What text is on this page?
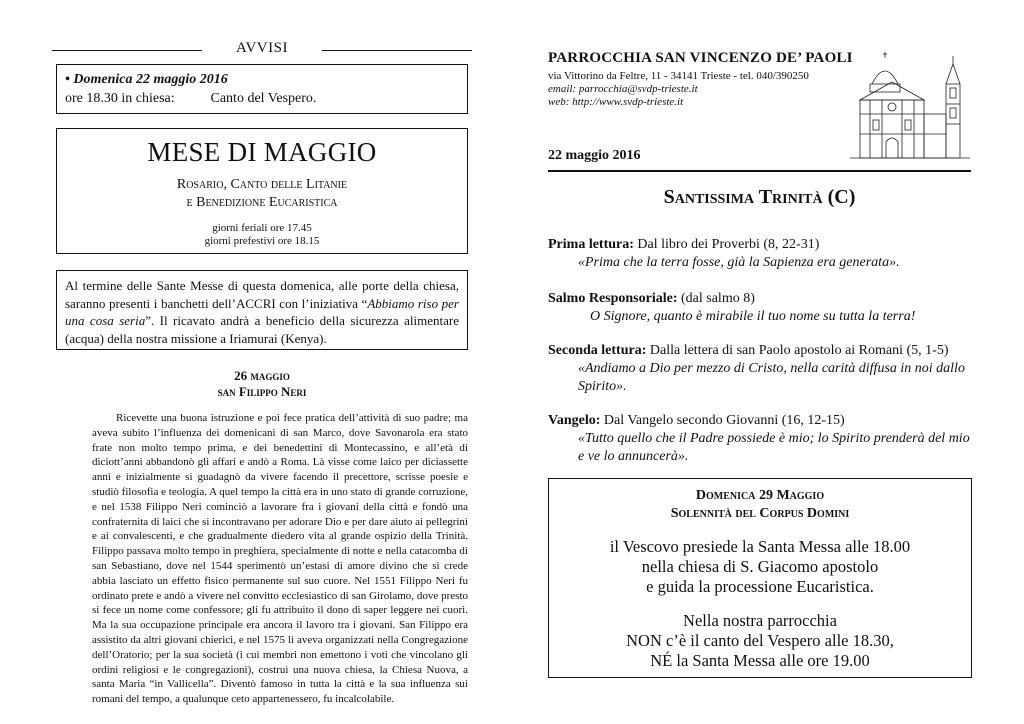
AVVISI
• Domenica 22 maggio 2016
ore 18.30 in chiesa:	Canto del Vespero.
MESE DI MAGGIO
Rosario, Canto delle Litanie
e Benedizione Eucaristica
giorni feriali ore 17.45
giorni prefestivi ore 18.15
Al termine delle Sante Messe di questa domenica, alle porte della chiesa, saranno presenti i banchetti dell’ACCRI con l’iniziativa “Abbiamo riso per una cosa seria”. Il ricavato andrà a beneficio della sicurezza alimentare (acqua) della nostra missione a Iriamurai (Kenya).
26 maggio
san Filippo Neri
Ricevette una buona istruzione e poi fece pratica dell’attività di suo padre; ma aveva subito l’influenza dei domenicani di san Marco, dove Savonarola era stato frate non molto tempo prima, e dei benedettini di Montecassino, e all’età di diciott’anni abbandonò gli affari e andò a Roma. Là visse come laico per diciassette anni e inizialmente si guadagnò da vivere facendo il precettore, scrisse poesie e studiò filosofia e teologia. A quel tempo la città era in uno stato di grande corruzione, e nel 1538 Filippo Neri cominciò a lavorare fra i giovani della città e fondò una confraternita di laici che si incontravano per adorare Dio e per dare aiuto ai pellegrini e ai convalescenti, e che gradualmente diedero vita al grande ospizio della Trinità. Filippo passava molto tempo in preghiera, specialmente di notte e nella catacomba di san Sebastiano, dove nel 1544 sperimentò un’estasi di amore divino che si crede abbia lasciato un effetto fisico permanente sul suo cuore. Nel 1551 Filippo Neri fu ordinato prete e andò a vivere nel convitto ecclesiastico di san Girolamo, dove presto si fece un nome come confessore; gli fu attribuito il dono di saper leggere nei cuori. Ma la sua occupazione principale era ancora il lavoro tra i giovani. San Filippo era assistito da altri giovani chierici, e nel 1575 li aveva organizzati nella Congregazione dell’Oratorio; per la sua società (i cui membri non emettono i voti che vincolano gli ordini religiosi e le congregazioni), costruì una nuova chiesa, la Chiesa Nuova, a santa Maria “in Vallicella”. Diventò famoso in tutta la città e la sua influenza sui romani del tempo, a qualunque ceto appartenessero, fu incalcolabile.
PARROCCHIA SAN VINCENZO DE’ PAOLI
via Vittorino da Feltre, 11 - 34141 Trieste - tel. 040/390250
email: parrocchia@svdp-trieste.it
web: http://www.svdp-trieste.it
22 maggio 2016
Santissima Trinità (C)
Prima lettura: Dal libro dei Proverbi (8, 22-31)
«Prima che la terra fosse, già la Sapienza era generata».
Salmo Responsoriale: (dal salmo 8)
O Signore, quanto è mirabile il tuo nome su tutta la terra!
Seconda lettura: Dalla lettera di san Paolo apostolo ai Romani (5, 1-5)
«Andiamo a Dio per mezzo di Cristo, nella carità diffusa in noi dallo Spirito».
Vangelo: Dal Vangelo secondo Giovanni (16, 12-15)
«Tutto quello che il Padre possiede è mio; lo Spirito prenderà del mio e ve lo annuncerà».
Domenica 29 Maggio
Solennità del Corpus Domini
il Vescovo presiede la Santa Messa alle 18.00
nella chiesa di S. Giacomo apostolo
e guida la processione Eucaristica.
Nella nostra parrocchia
NON c’è il canto del Vespero alle 18.30,
NÉ la Santa Messa alle ore 19.00
